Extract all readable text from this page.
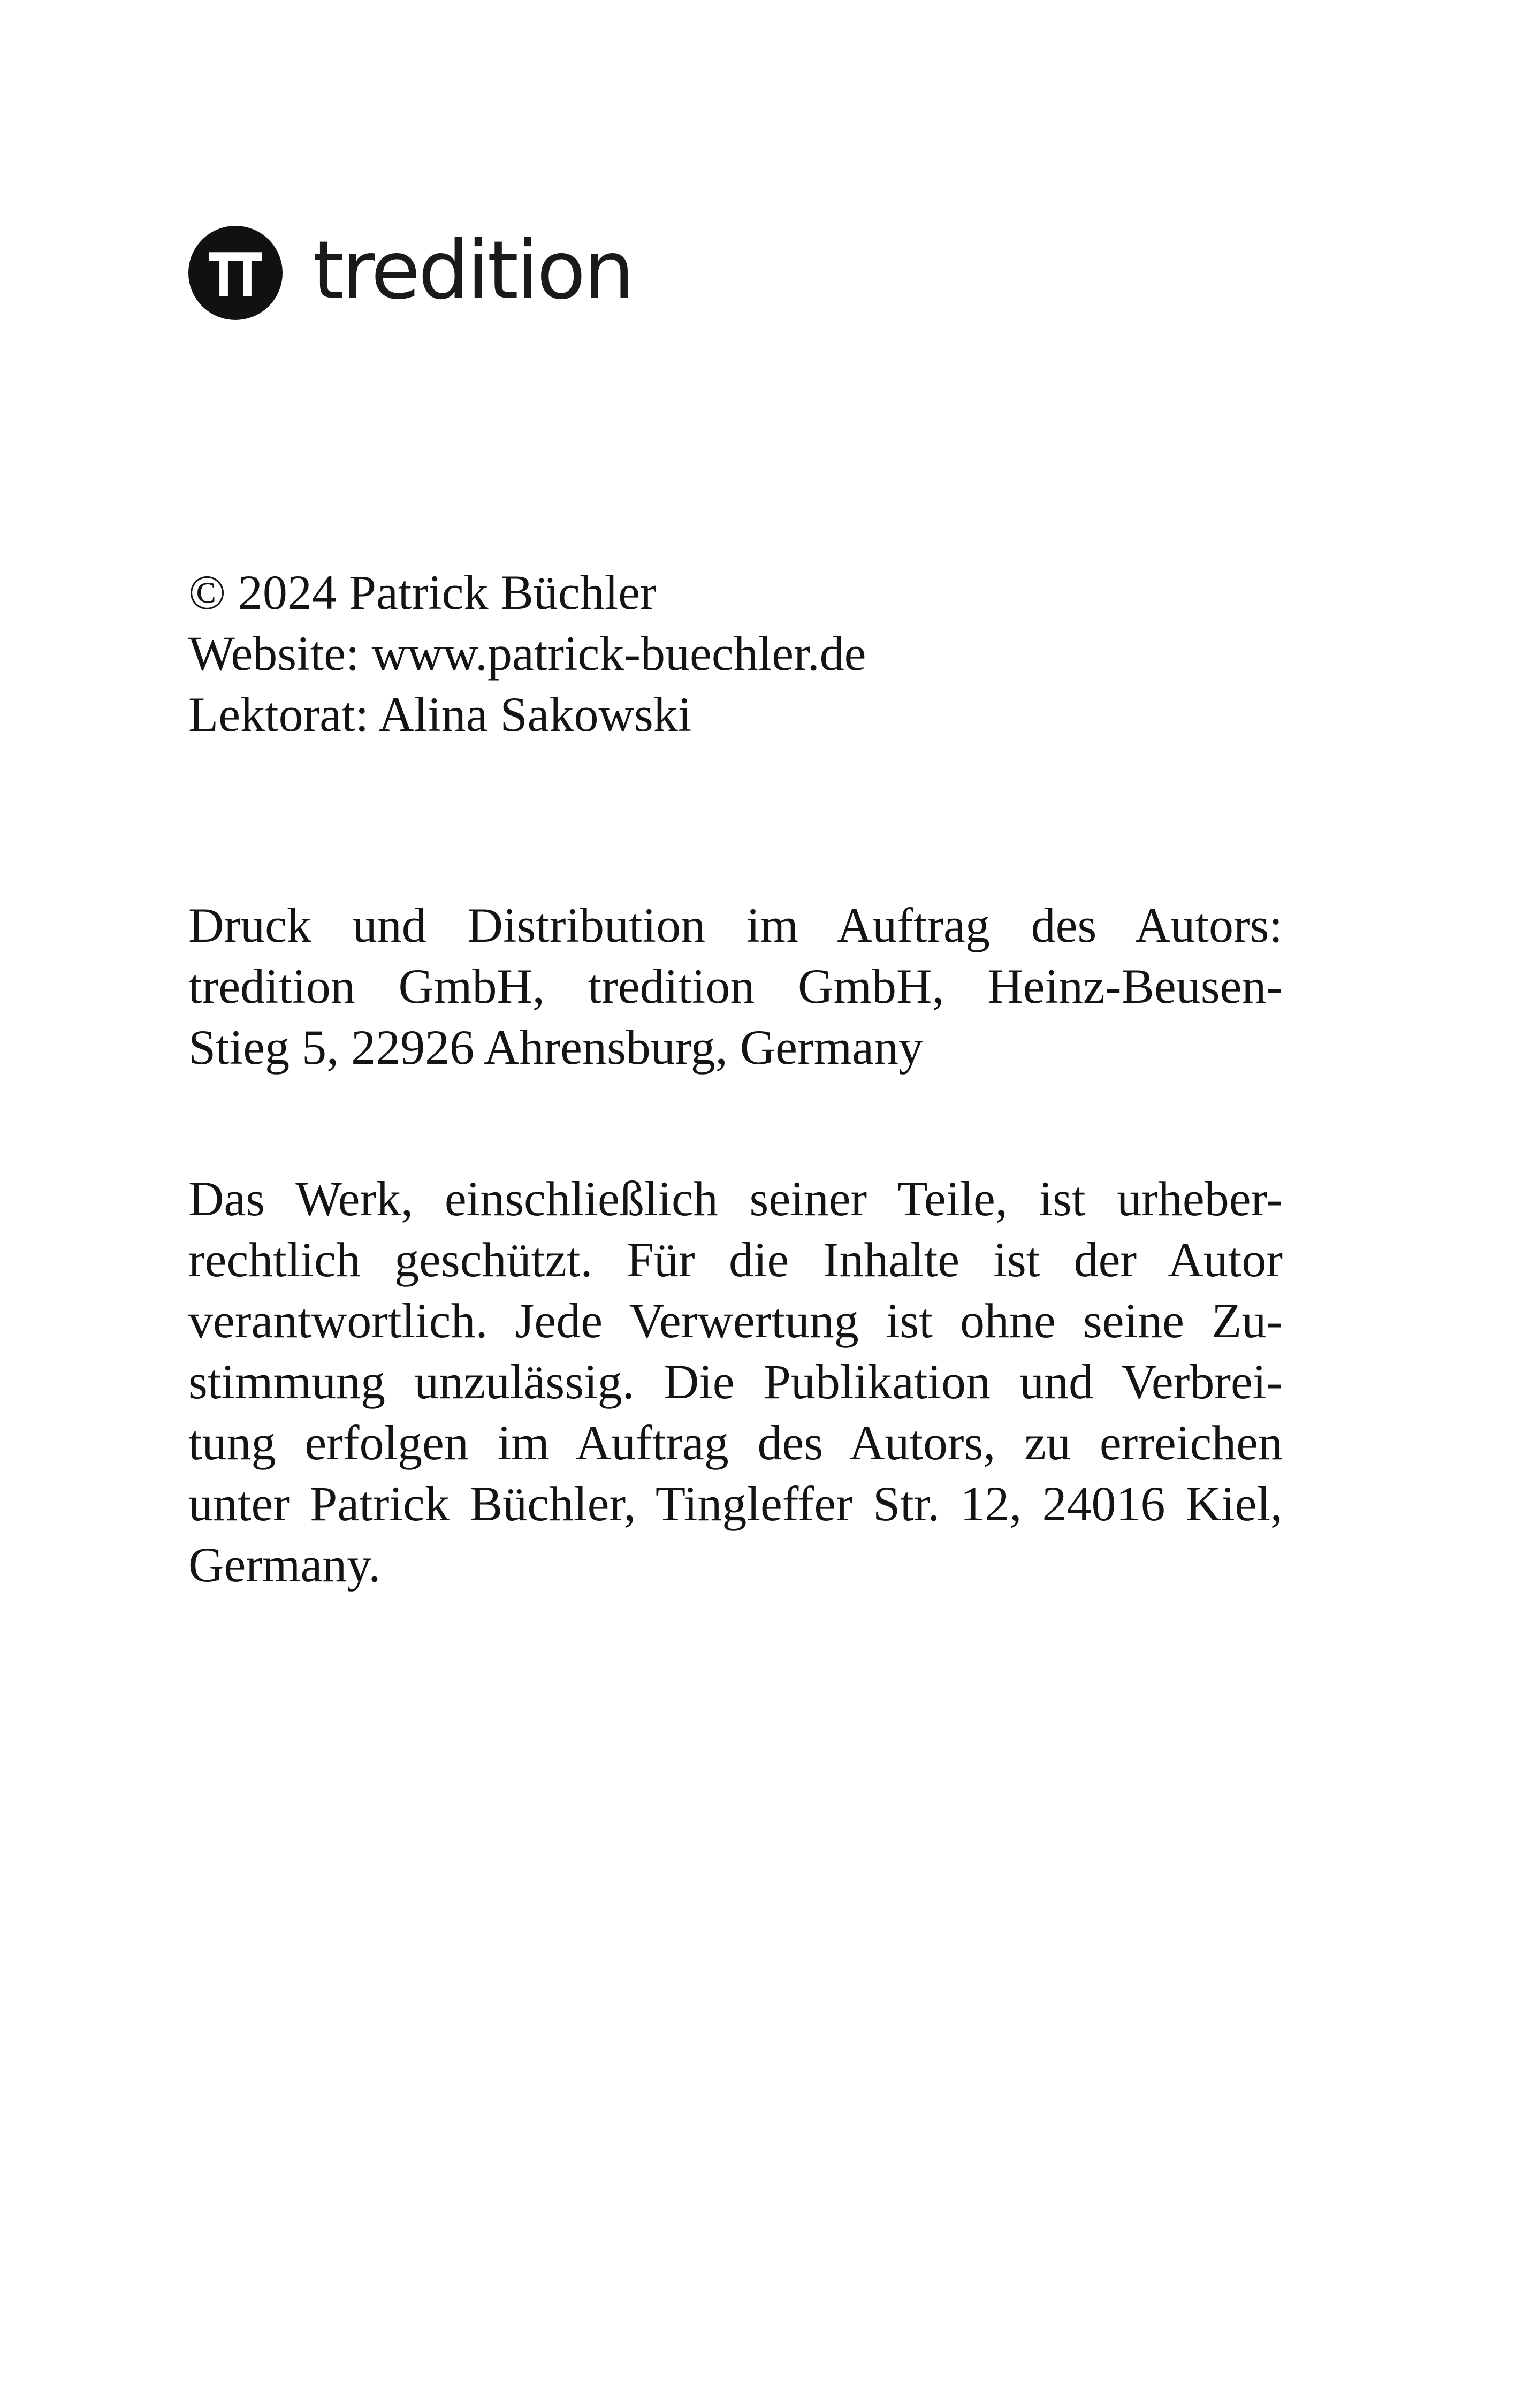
tredition
© 2024 Patrick Büchler
Website: www.patrick-buechler.de
Lektorat: Alina Sakowski
Druck und Distribution im Auftrag des Autors:
tredition GmbH, tredition GmbH, Heinz-Beusen-
Stieg 5, 22926 Ahrensburg, Germany
Das Werk, einschließlich seiner Teile, ist urheber-
rechtlich geschützt. Für die Inhalte ist der Autor
verantwortlich. Jede Verwertung ist ohne seine Zu-
stimmung unzulässig. Die Publikation und Verbrei-
tung erfolgen im Auftrag des Autors, zu erreichen
unter Patrick Büchler, Tingleffer Str. 12, 24016 Kiel,
Germany.
